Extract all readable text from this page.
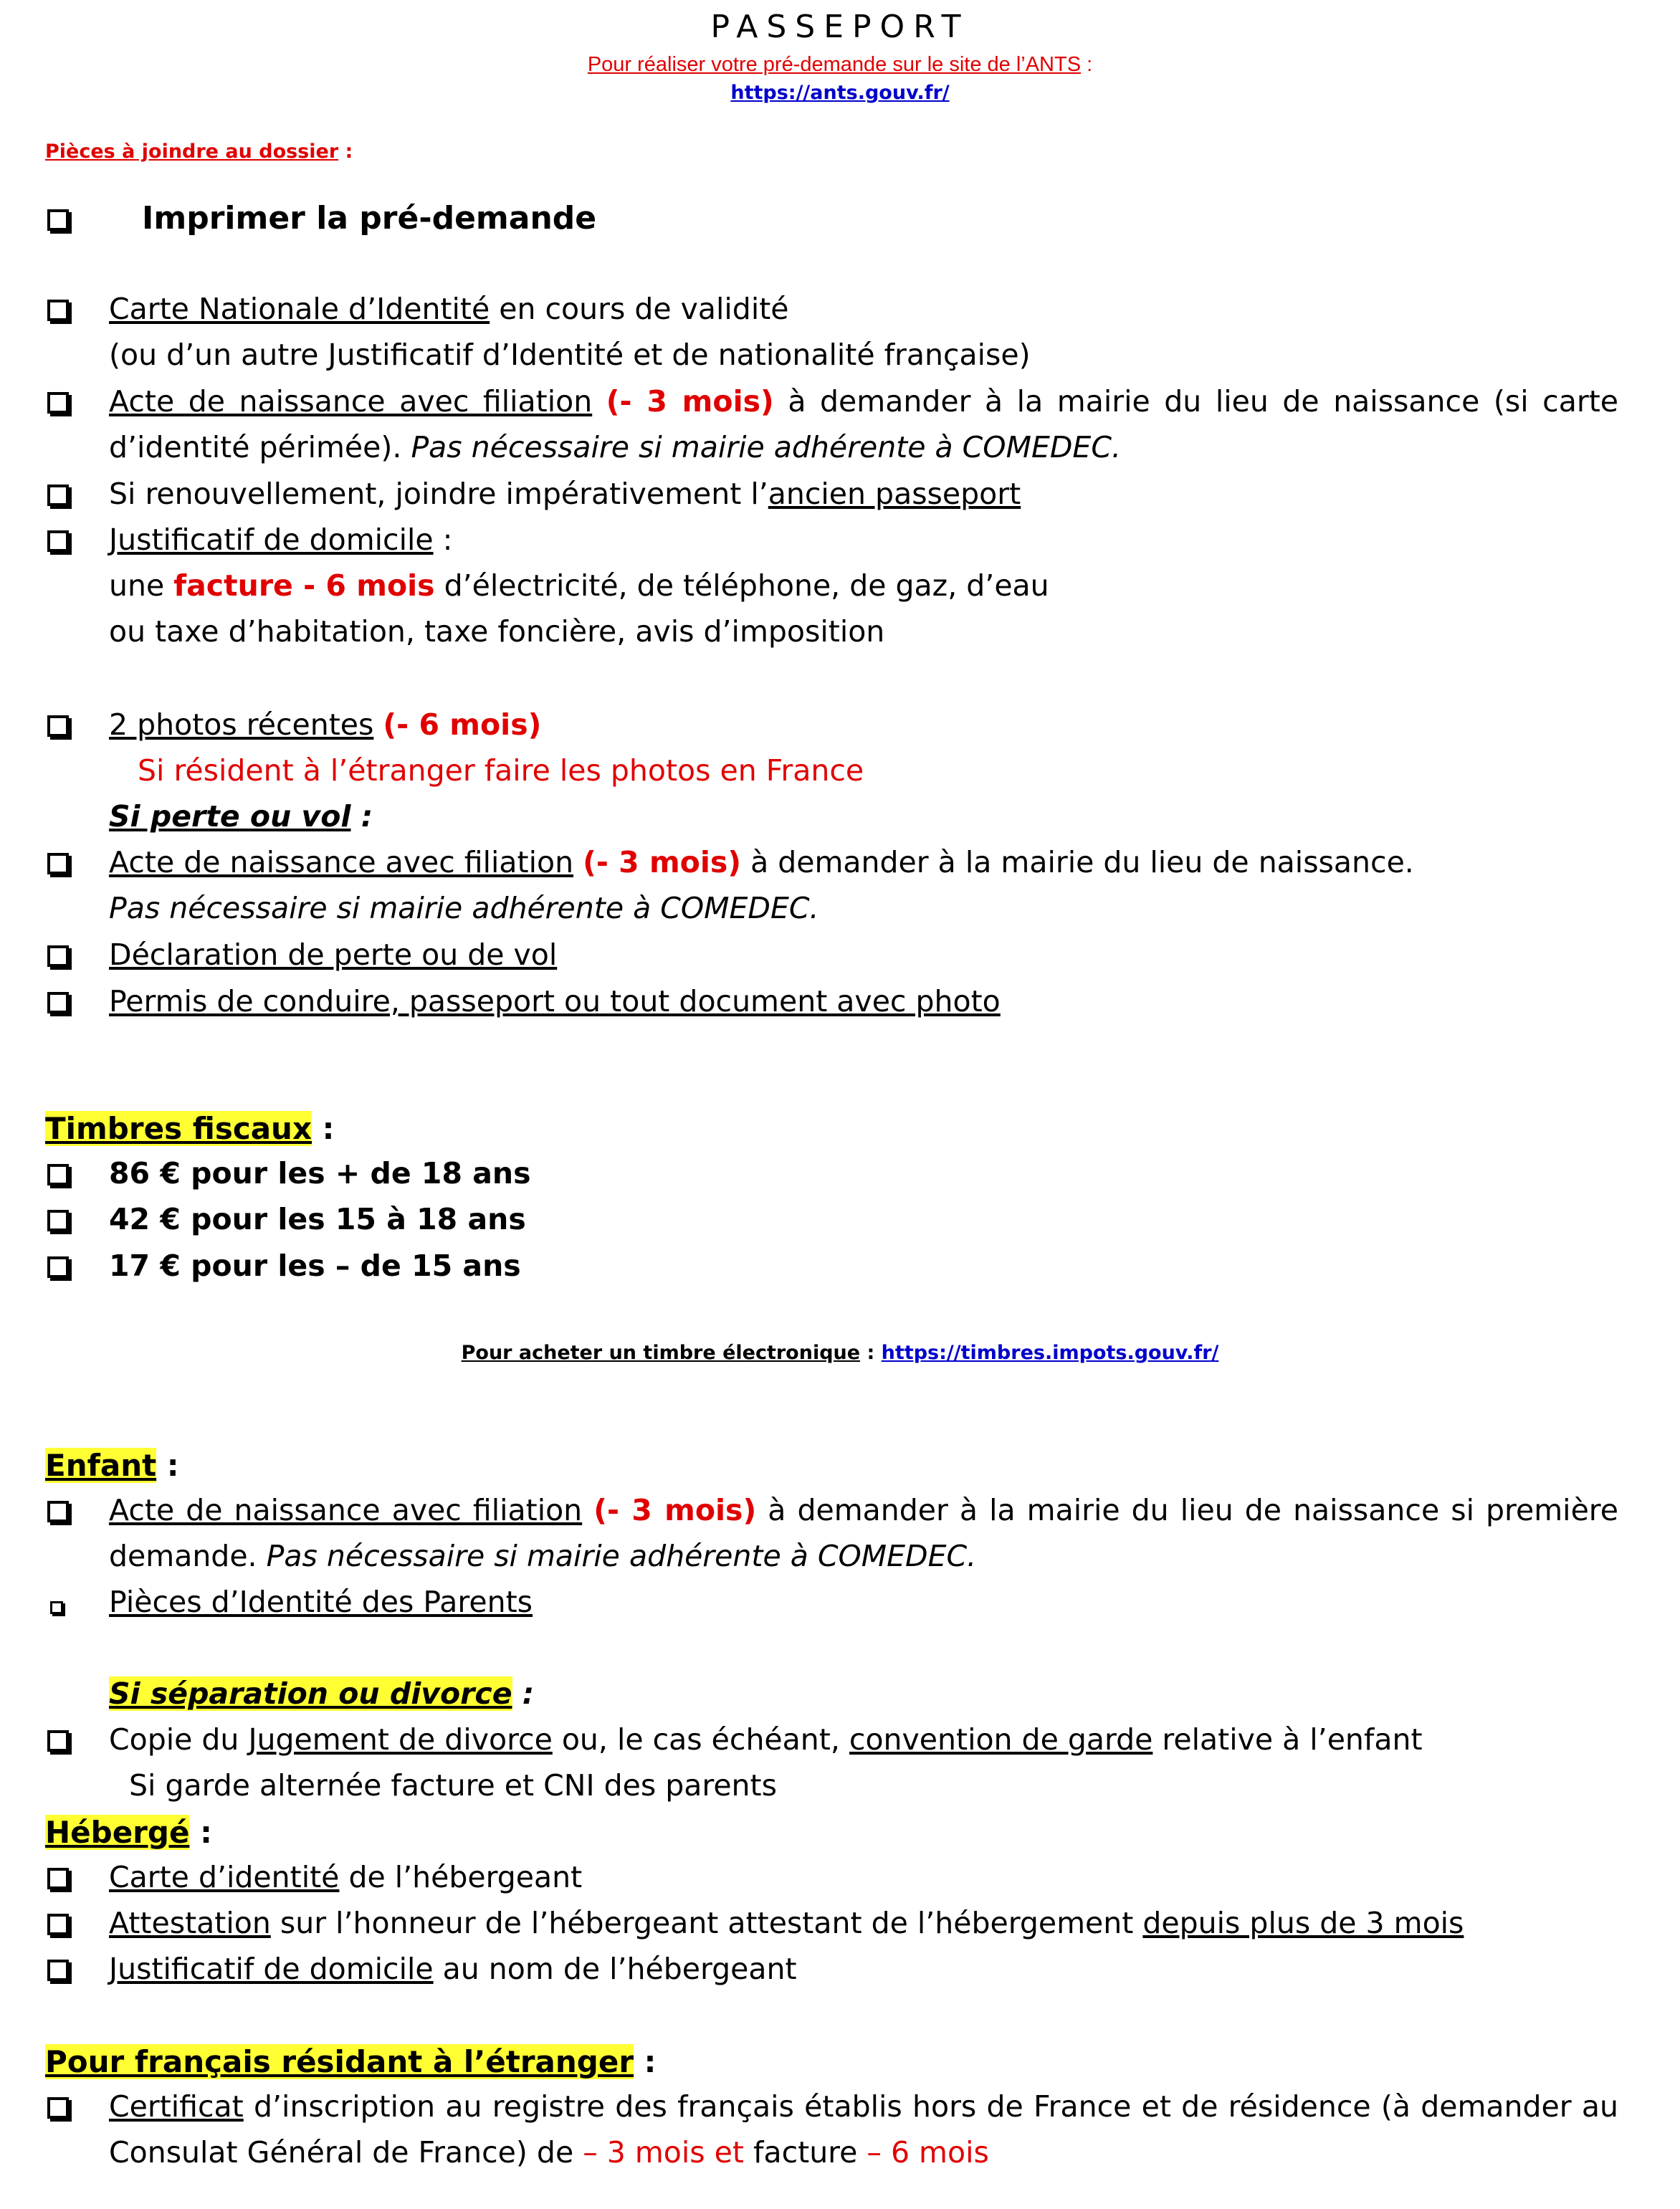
PASSEPORT
Pour réaliser votre pré-demande sur le site de l’ANTS :
https://ants.gouv.fr/
Pièces à joindre au dossier :
Imprimer la pré-demande
Carte Nationale d’Identité en cours de validité
(ou d’un autre Justificatif d’Identité et de nationalité française)
Acte de naissance avec filiation (- 3 mois) à demander à la mairie du lieu de naissance (si carte
d’identité périmée). Pas nécessaire si mairie adhérente à COMEDEC.
Si renouvellement, joindre impérativement l’ancien passeport
Justificatif de domicile :
une facture - 6 mois d’électricité, de téléphone, de gaz, d’eau
ou taxe d’habitation, taxe foncière, avis d’imposition
2 photos récentes (- 6 mois)
Si résident à l’étranger faire les photos en France
Si perte ou vol :
Acte de naissance avec filiation (- 3 mois) à demander à la mairie du lieu de naissance.
Pas nécessaire si mairie adhérente à COMEDEC.
Déclaration de perte ou de vol
Permis de conduire, passeport ou tout document avec photo
Timbres fiscaux :
86 € pour les + de 18 ans
42 € pour les 15 à 18 ans
17 € pour les – de 15 ans
Pour acheter un timbre électronique : https://timbres.impots.gouv.fr/
Enfant :
Acte de naissance avec filiation (- 3 mois) à demander à la mairie du lieu de naissance si première
demande. Pas nécessaire si mairie adhérente à COMEDEC.
Pièces d’Identité des Parents
Si séparation ou divorce :
Copie du Jugement de divorce ou, le cas échéant, convention de garde relative à l’enfant
Si garde alternée facture et CNI des parents
Hébergé :
Carte d’identité de l’hébergeant
Attestation sur l’honneur de l’hébergeant attestant de l’hébergement depuis plus de 3 mois
Justificatif de domicile au nom de l’hébergeant
Pour français résidant à l’étranger :
Certificat d’inscription au registre des français établis hors de France et de résidence (à demander au
Consulat Général de France) de – 3 mois et facture – 6 mois
